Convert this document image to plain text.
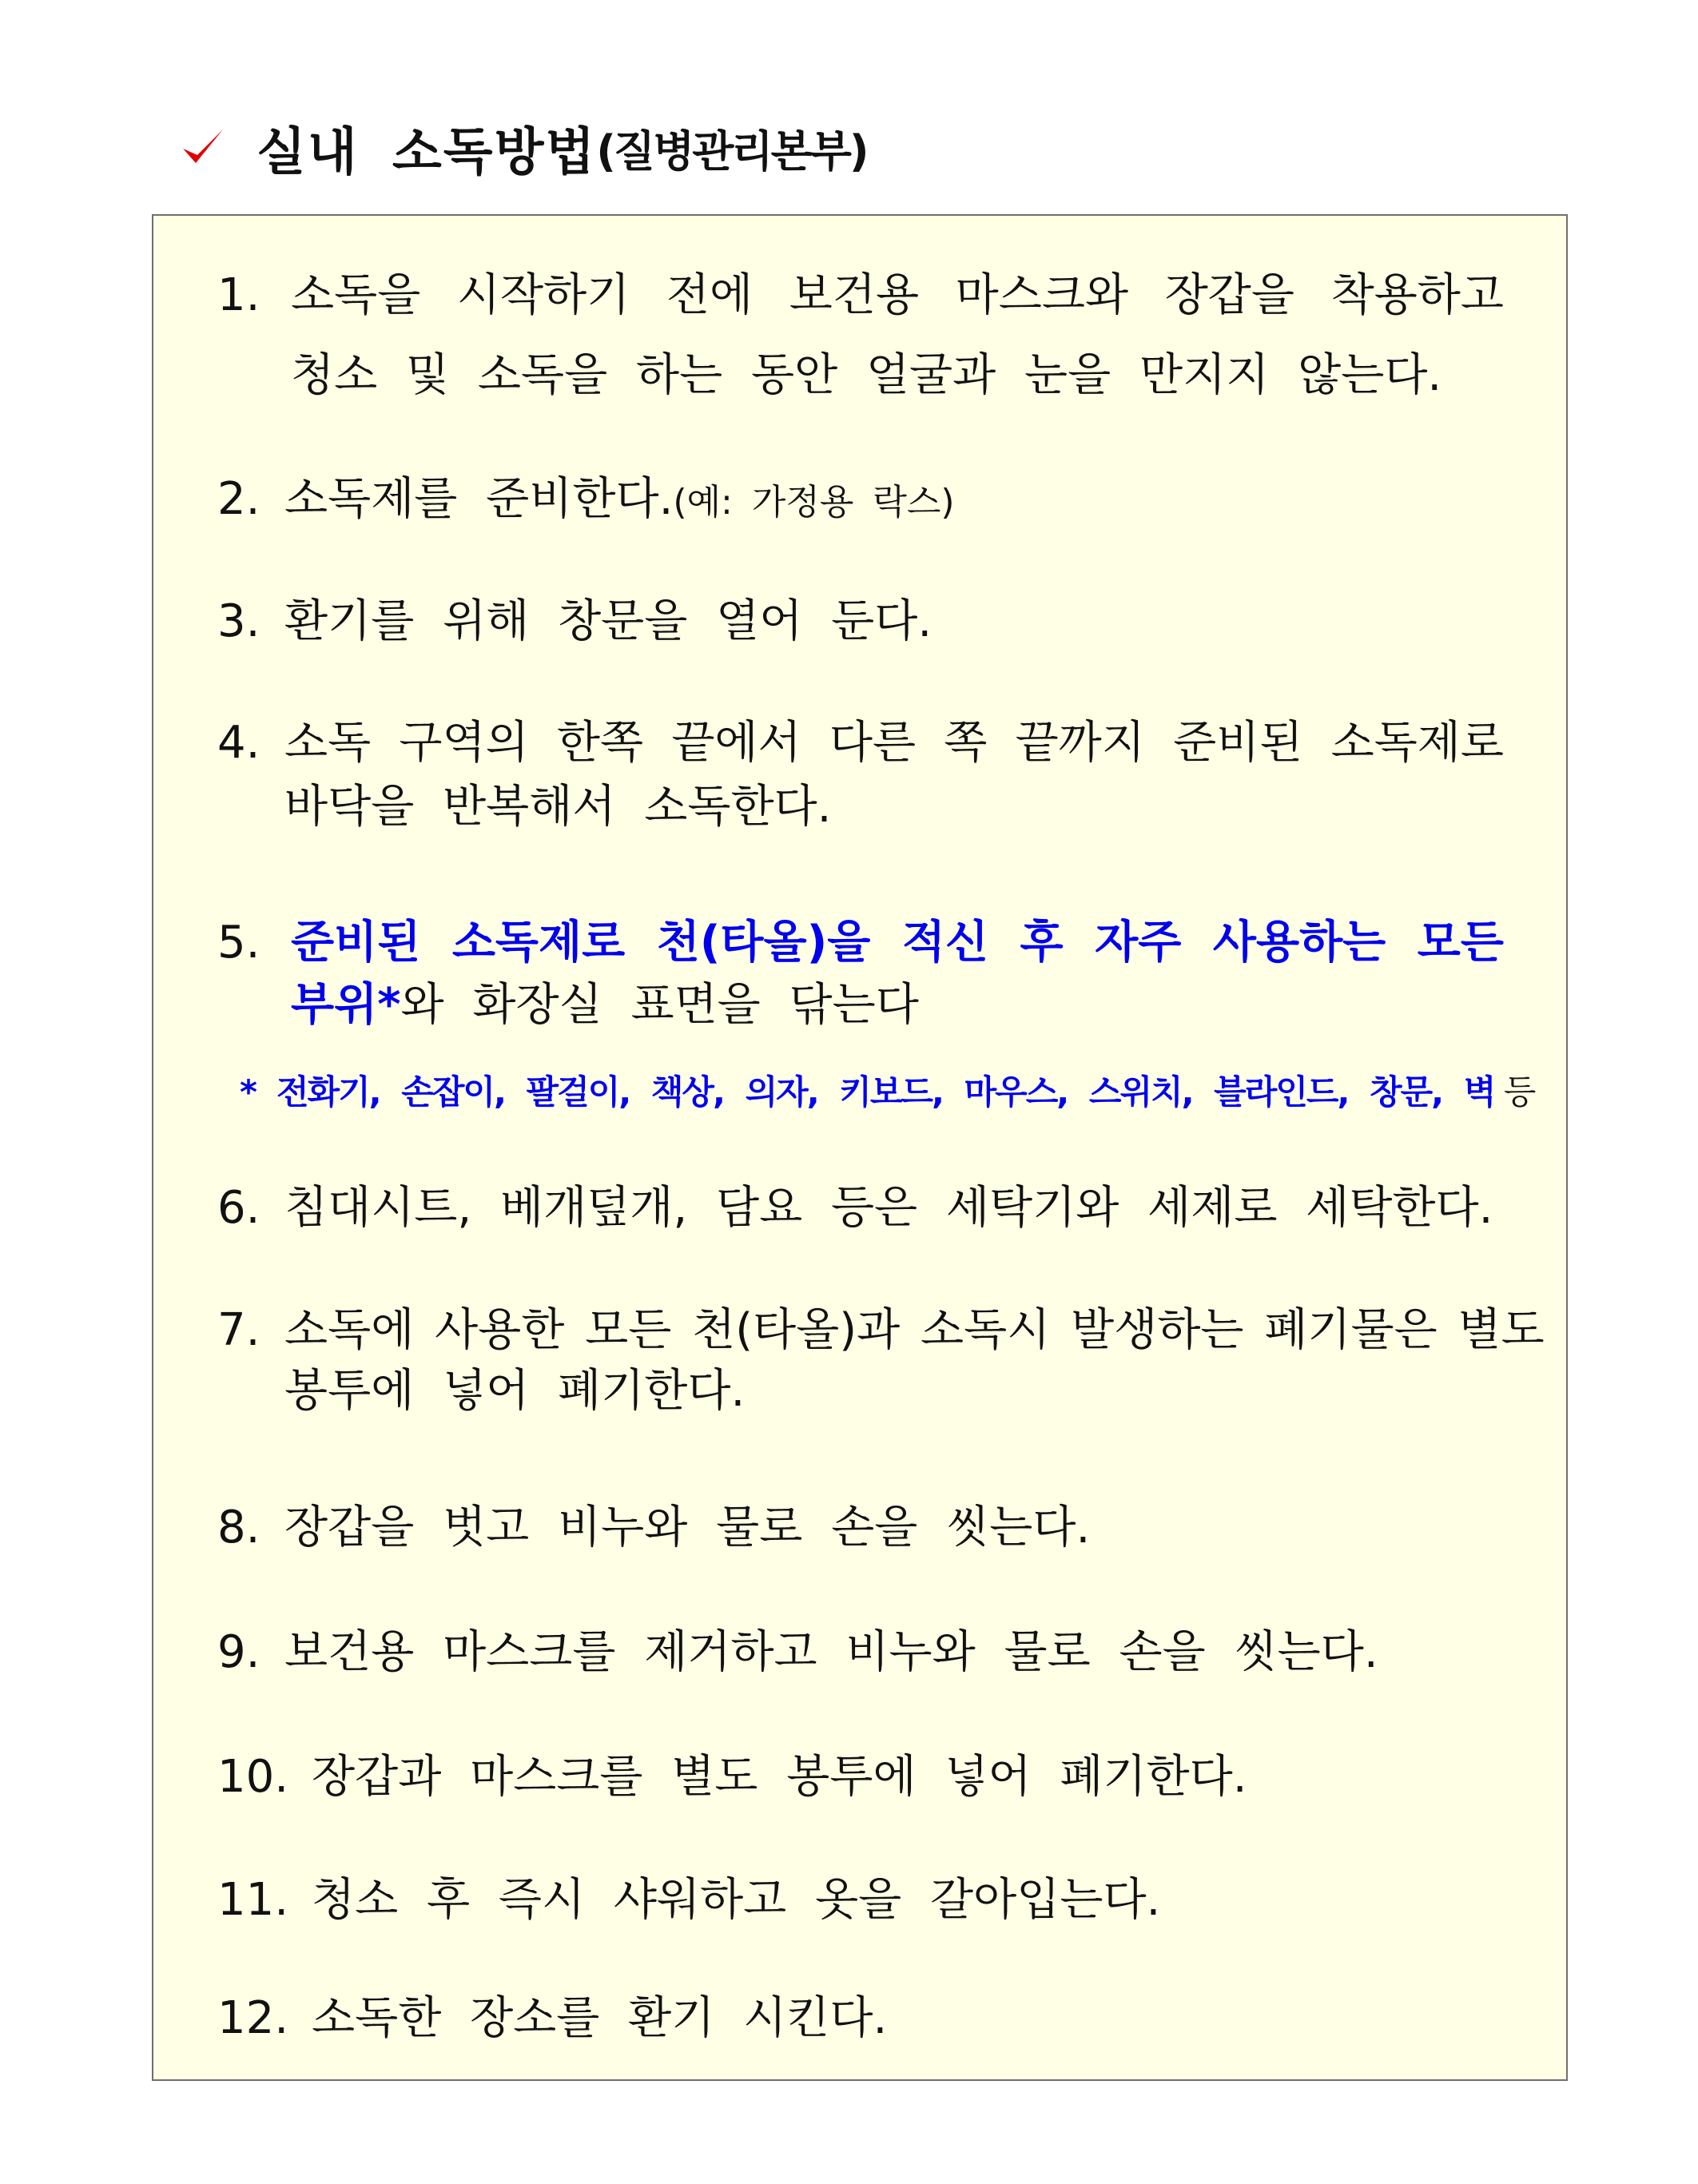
실내 소독방법 (질병관리본부)
1. 소독을 시작하기 전에 보건용 마스크와 장갑을 착용하고
청소 및 소독을 하는 동안 얼굴과 눈을 만지지 않는다.
2. 소독제를 준비한다.(예: 가정용 락스)
3. 환기를 위해 창문을 열어 둔다.
4. 소독 구역의 한쪽 끝에서 다른 쪽 끝까지 준비된 소독제로
바닥을 반복해서 소독한다.
5. 준비된 소독제로 천(타올)을 적신 후 자주 사용하는 모든
부위*와 화장실 표면을 닦는다
* 전화기, 손잡이, 팔걸이, 책상, 의자, 키보드, 마우스, 스위치, 블라인드, 창문, 벽 등
6. 침대시트, 베개덮개, 담요 등은 세탁기와 세제로 세탁한다.
7. 소독에 사용한 모든 천(타올)과 소독시 발생하는 폐기물은 별도
봉투에 넣어 폐기한다.
8. 장갑을 벗고 비누와 물로 손을 씻는다.
9. 보건용 마스크를 제거하고 비누와 물로 손을 씻는다.
10. 장갑과 마스크를 별도 봉투에 넣어 폐기한다.
11. 청소 후 즉시 샤워하고 옷을 갈아입는다.
12. 소독한 장소를 환기 시킨다.
